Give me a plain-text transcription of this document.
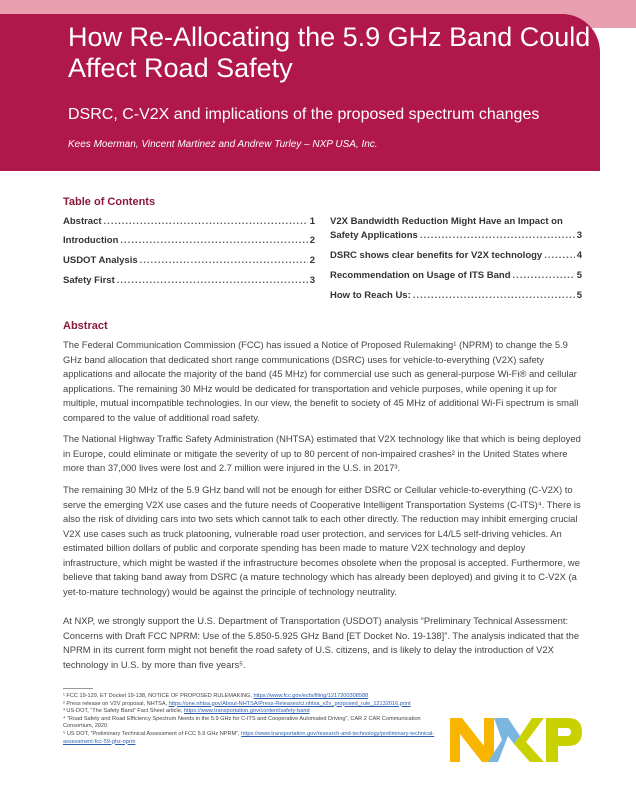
How Re-Allocating the 5.9 GHz Band Could Affect Road Safety
DSRC, C-V2X and implications of the proposed spectrum changes
Kees Moerman, Vincent Martinez and Andrew Turley – NXP USA, Inc.
Table of Contents
Abstract .....	1
Introduction .....	2
USDOT Analysis .....	2
Safety First .....	3
V2X Bandwidth Reduction Might Have an Impact on
Safety Applications .....	3
DSRC shows clear benefits for V2X technology .....	4
Recommendation on Usage of ITS Band .....	5
How to Reach Us: .....	5
Abstract

The Federal Communication Commission (FCC) has issued a Notice of Proposed Rulemaking¹ (NPRM) to change the 5.9 GHz band allocation that dedicated short range communications (DSRC) uses for vehicle-to-everything (V2X) safety applications and allocate the majority of the band (45 MHz) for commercial use such as general-purpose Wi-Fi® and cellular applications. The remaining 30 MHz would be dedicated for transportation and vehicle purposes, while opening it up for multiple, mutual incompatible technologies. In our view, the benefit to society of 45 MHz of additional Wi-Fi spectrum is small compared to the value of additional road safety.

The National Highway Traffic Safety Administration (NHTSA) estimated that V2X technology like that which is being deployed in Europe, could eliminate or mitigate the severity of up to 80 percent of non-impaired crashes² in the United States where more than 37,000 lives were lost and 2.7 million were injured in the U.S. in 2017³.

The remaining 30 MHz of the 5.9 GHz band will not be enough for either DSRC or Cellular vehicle-to-everything (C-V2X) to serve the emerging V2X use cases and the future needs of Cooperative Intelligent Transportation Systems (C-ITS)⁴. There is also the risk of dividing cars into two sets which cannot talk to each other directly. The reduction may inhibit emerging crucial V2X use cases such as truck platooning, vulnerable road user protection, and services for L4/L5 self-driving vehicles. An estimated billion dollars of public and corporate spending has been made to mature V2X technology and deploy infrastructure, which might be wasted if the infrastructure becomes obsolete when the proposal is accepted. Furthermore, we believe that taking band away from DSRC (a mature technology which has already been deployed) and giving it to C-V2X (a yet-to-mature technology) would be against the principle of technology neutrality.

At NXP, we strongly support the U.S. Department of Transportation (USDOT) analysis “Preliminary Technical Assessment: Concerns with Draft FCC NPRM: Use of the 5.850-5.925 GHz Band [ET Docket No. 19-138]”. The analysis indicated that the NPRM in its current form might not benefit the road safety of U.S. citizens, and is likely to delay the introduction of V2X technology in U.S. by more than five years⁵.

¹ FCC 19-129, ET Docket 19-138, NOTICE OF PROPOSED RULEMAKING, https://www.fcc.gov/ecfs/filing/1217200308588
² Press release on V2V proposal, NHTSA, https://one.nhtsa.gov/About-NHTSA/Press-Releases/ci.nhtsa_v2v_proposed_rule_12132016.print
³ US-DOT, “The Safety Band” Fact Sheet article, https://www.transportation.gov/content/safety-band
⁴ “Road Safety and Road Efficiency Spectrum Needs in the 5.9 GHz for C-ITS and Cooperative Automated Driving”, CAR 2 CAR Communication Consortium, 2020
⁵ US DOT, “Preliminary Technical Assessment of FCC 5.9 GHz NPRM”, https://www.transportation.gov/research-and-technology/preliminary-technical-assessment-fcc-59-ghz-nprm
